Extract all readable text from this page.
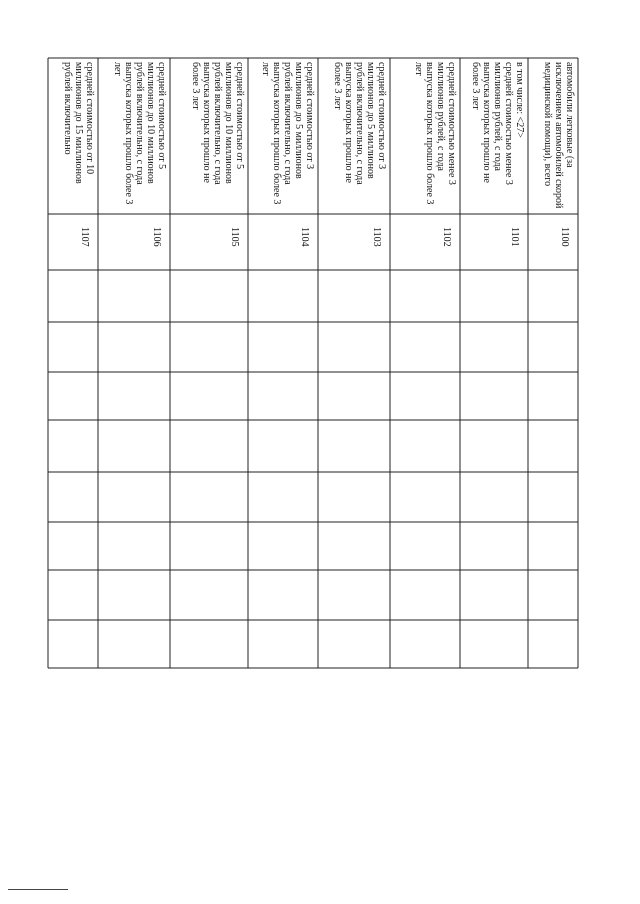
автомобили легковые (за
исключением автомобилей скорой
медицинской помощи), всего
1100
в том числе: <27>
средней стоимостью менее 3
миллионов рублей, с года
выпуска которых прошло не
более 3 лет
1101
средней стоимостью менее 3
миллионов рублей, с года
выпуска которых прошло более 3
лет
1102
средней стоимостью от 3
миллионов до 5 миллионов
рублей включительно, с года
выпуска которых прошло не
более 3 лет
1103
средней стоимостью от 3
миллионов до 5 миллионов
рублей включительно, с года
выпуска которых прошло более 3
лет
1104
средней стоимостью от 5
миллионов до 10 миллионов
рублей включительно, с года
выпуска которых прошло не
более 3 лет
1105
средней стоимостью от 5
миллионов до 10 миллионов
рублей включительно, с года
выпуска которых прошло более 3
лет
1106
средней стоимостью от 10
миллионов до 15 миллионов
рублей включительно
1107
